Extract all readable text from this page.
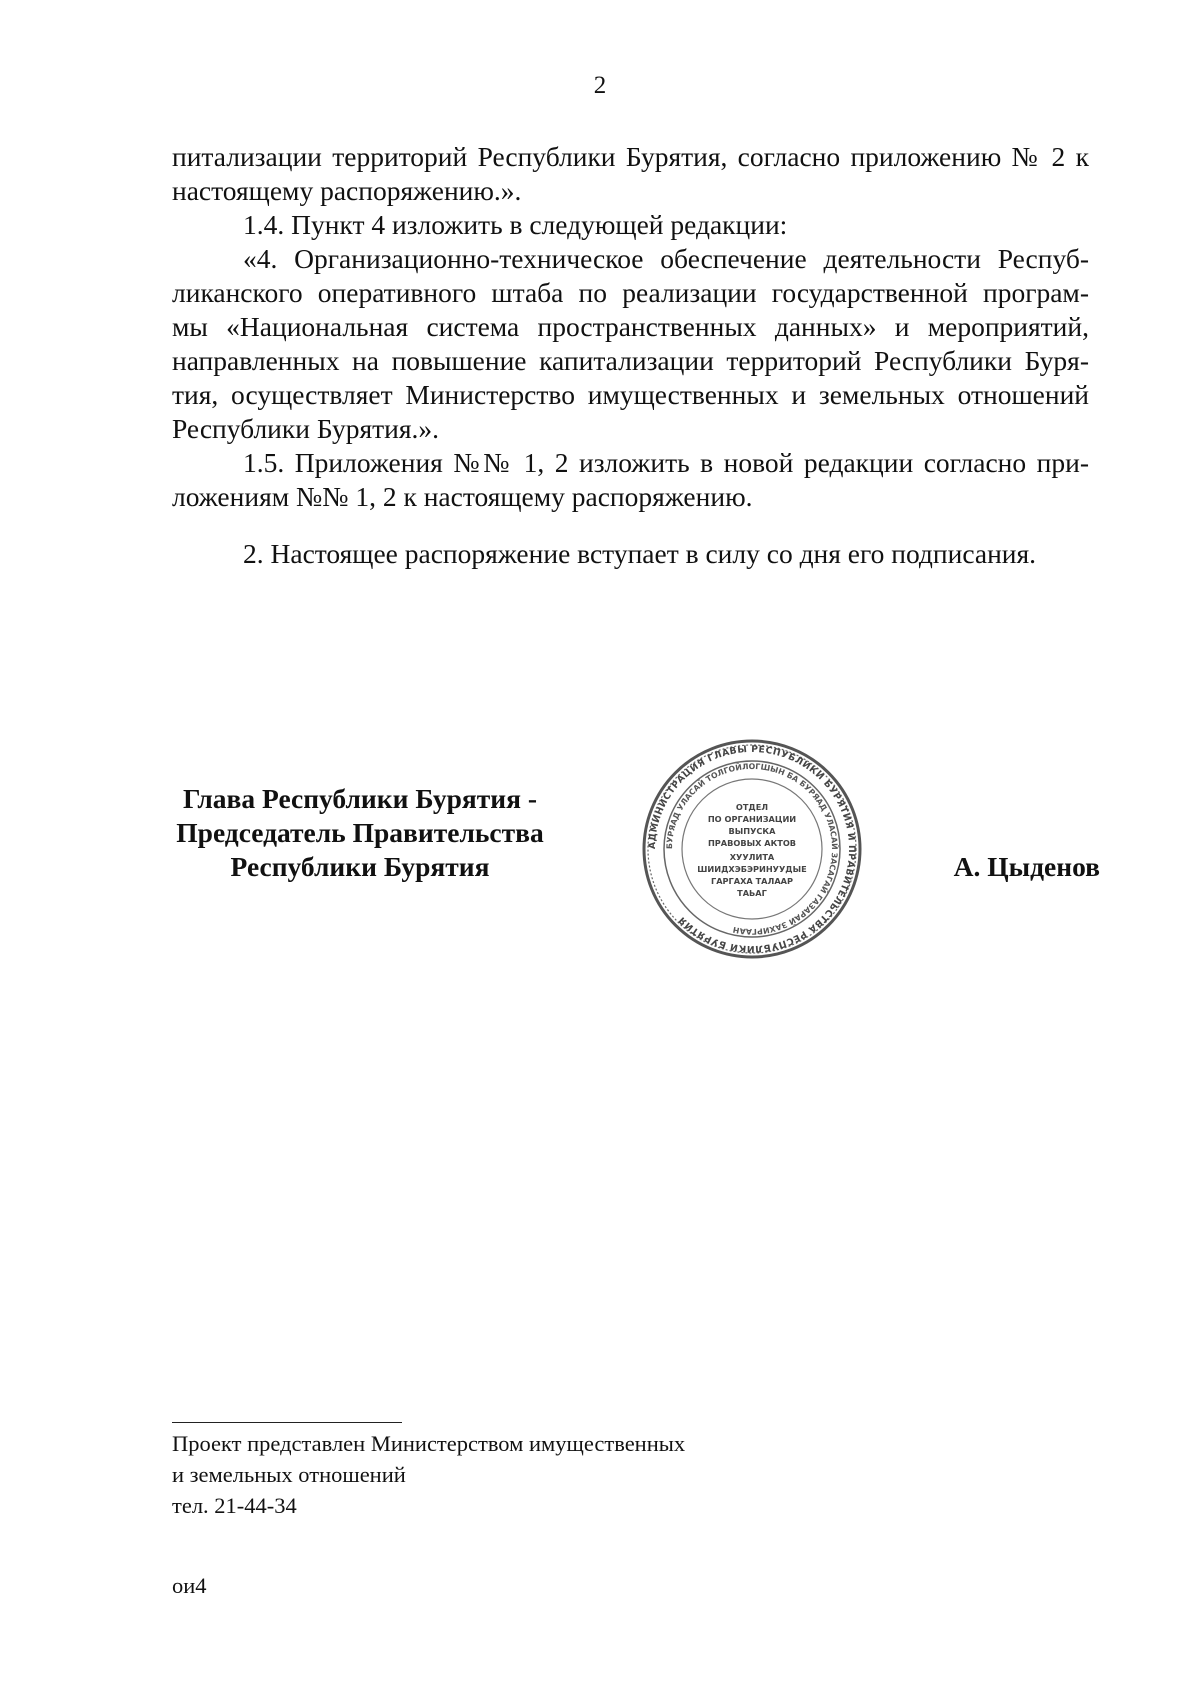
2
питализации территорий Республики Бурятия, согласно приложению № 2 к
настоящему распоряжению.».
1.4. Пункт 4 изложить в следующей редакции:
«4. Организационно-техническое обеспечение деятельности Респуб-
ликанского оперативного штаба по реализации государственной програм-
мы «Национальная система пространственных данных» и мероприятий,
направленных на повышение капитализации территорий Республики Буря-
тия, осуществляет Министерство имущественных и земельных отношений
Республики Бурятия.».
1.5. Приложения №№ 1, 2 изложить в новой редакции согласно при-
ложениям №№ 1, 2 к настоящему распоряжению.
2. Настоящее распоряжение вступает в силу со дня его подписания.
Глава Республики Бурятия -
Председатель Правительства
Республики Бурятия
АДМИНИСТРАЦИЯ ГЛАВЫ РЕСПУБЛИКИ БУРЯТИЯ И ПРАВИТЕЛЬСТВА РЕСПУБЛИКИ БУРЯТИЯ
БУРЯАД УЛАСАЙ ТОЛГОЙЛОГШЫН БА БУРЯАД УЛАСАЙ ЗАСАГАЙ ГАЗАРАЙ ЗАХИРГААН
ОТДЕЛ
ПО ОРГАНИЗАЦИИ
ВЫПУСКА
ПРАВОВЫХ АКТОВ
ХУУЛИТА
ШИИДХЭБЭРИНУУДЫЕ
ГАРГАХА ТАЛААР
ТАЬАГ
А. Цыденов
Проект представлен Министерством имущественных
и земельных отношений
тел. 21-44-34
ои4
